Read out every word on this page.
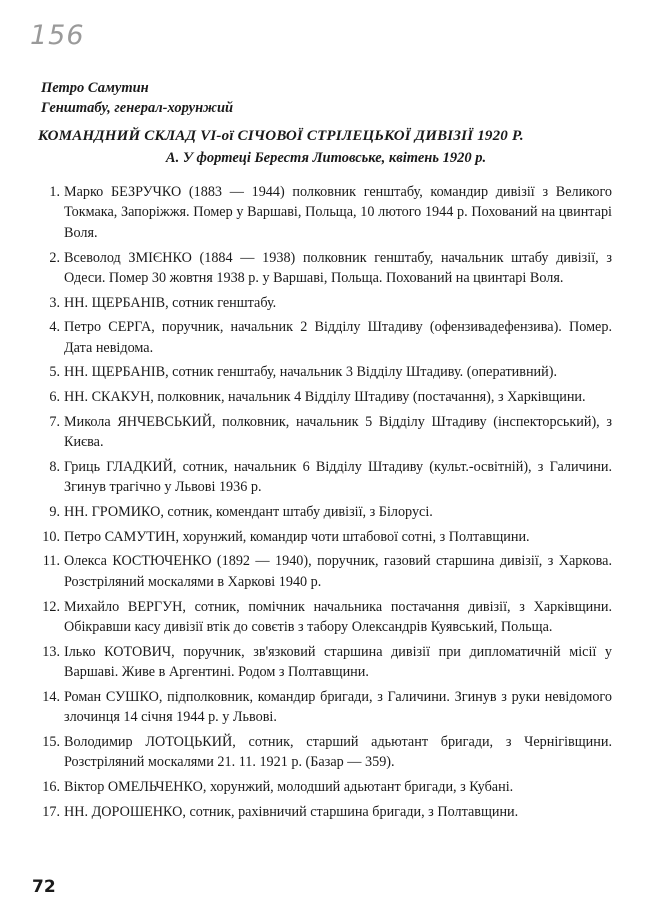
156
Петро Самутин
Генштабу, генерал-хорунжий
КОМАНДНИЙ СКЛАД VІ-ої СІЧОВОЇ СТРІЛЕЦЬКОЇ ДИВІЗІЇ 1920 Р.
А. У фортеці Берестя Литовське, квітень 1920 р.
1. Марко БЕЗРУЧКО (1883 — 1944) полковник генштабу, командир дивізії з Великого Токмака, Запоріжжя. Помер у Варшаві, Польща, 10 лютого 1944 р. Похований на цвинтарі Воля.
2. Всеволод ЗМІЄНКО (1884 — 1938) полковник генштабу, начальник штабу дивізії, з Одеси. Помер 30 жовтня 1938 р. у Варшаві, Польща. Похований на цвинтарі Воля.
3. НН. ЩЕРБАНІВ, сотник генштабу.
4. Петро СЕРГА, поручник, начальник 2 Відділу Штадиву (офензивадефензива). Помер. Дата невідома.
5. НН. ЩЕРБАНІВ, сотник генштабу, начальник 3 Відділу Штадиву. (оперативний).
6. НН. СКАКУН, полковник, начальник 4 Відділу Штадиву (постачання), з Харківщини.
7. Микола ЯНЧЕВСЬКИЙ, полковник, начальник 5 Відділу Штадиву (інспекторський), з Києва.
8. Гриць ГЛАДКИЙ, сотник, начальник 6 Відділу Штадиву (культ.-освітній), з Галичини. Згинув трагічно у Львові 1936 р.
9. НН. ГРОМИКО, сотник, комендант штабу дивізії, з Білорусі.
10. Петро САМУТИН, хорунжий, командир чоти штабової сотні, з Полтавщини.
11. Олекса КОСТЮЧЕНКО (1892 — 1940), поручник, газовий старшина дивізії, з Харкова. Розстріляний москалями в Харкові 1940 р.
12. Михайло ВЕРГУН, сотник, помічник начальника постачання дивізії, з Харківщини. Обікравши касу дивізії втік до совєтів з табору Олександрів Куявський, Польща.
13. Ілько КОТОВИЧ, поручник, зв'язковий старшина дивізії при дипломатичній місії у Варшаві. Живе в Аргентині. Родом з Полтавщини.
14. Роман СУШКО, підполковник, командир бригади, з Галичини. Згинув з руки невідомого злочинця 14 січня 1944 р. у Львові.
15. Володимир ЛОТОЦЬКИЙ, сотник, старший адьютант бригади, з Чернігівщини. Розстріляний москалями 21. 11. 1921 р. (Базар — 359).
16. Віктор ОМЕЛЬЧЕНКО, хорунжий, молодший адьютант бригади, з Кубані.
17. НН. ДОРОШЕНКО, сотник, рахівничий старшина бригади, з Полтавщини.
72
